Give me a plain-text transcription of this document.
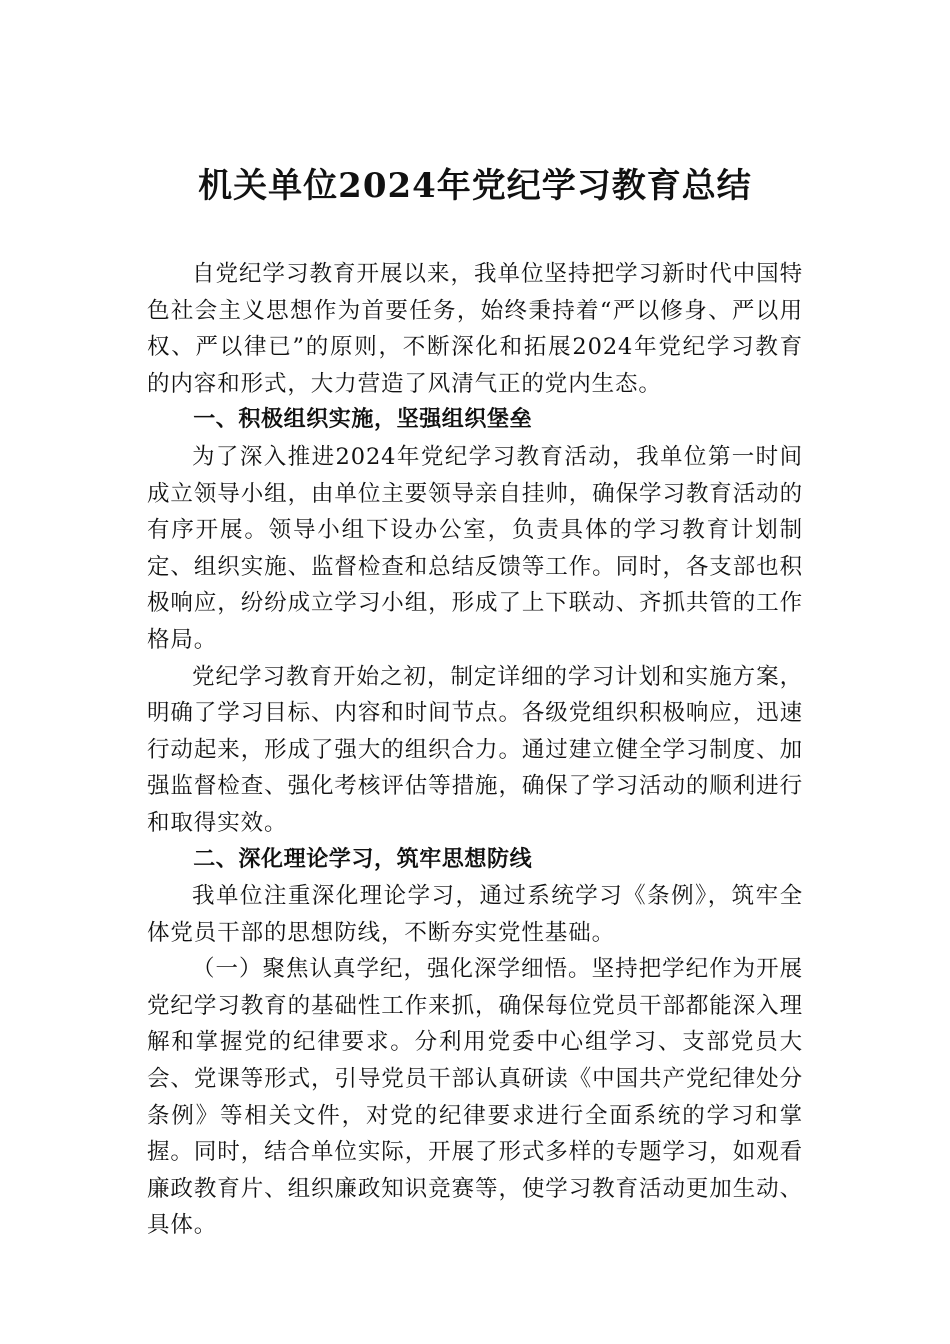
机关单位2024年党纪学习教育总结

自党纪学习教育开展以来，我单位坚持把学习新时代中国特色社会主义思想作为首要任务，始终秉持着“严以修身、严以用权、严以律已”的原则，不断深化和拓展2024年党纪学习教育的内容和形式，大力营造了风清气正的党内生态。

一、积极组织实施，坚强组织堡垒

为了深入推进2024年党纪学习教育活动，我单位第一时间成立领导小组，由单位主要领导亲自挂帅，确保学习教育活动的有序开展。领导小组下设办公室，负责具体的学习教育计划制定、组织实施、监督检查和总结反馈等工作。同时，各支部也积极响应，纷纷成立学习小组，形成了上下联动、齐抓共管的工作格局。

党纪学习教育开始之初，制定详细的学习计划和实施方案，明确了学习目标、内容和时间节点。各级党组织积极响应，迅速行动起来，形成了强大的组织合力。通过建立健全学习制度、加强监督检查、强化考核评估等措施，确保了学习活动的顺利进行和取得实效。

二、深化理论学习，筑牢思想防线

我单位注重深化理论学习，通过系统学习《条例》，筑牢全体党员干部的思想防线，不断夯实党性基础。

（一）聚焦认真学纪，强化深学细悟。坚持把学纪作为开展党纪学习教育的基础性工作来抓，确保每位党员干部都能深入理解和掌握党的纪律要求。分利用党委中心组学习、支部党员大会、党课等形式，引导党员干部认真研读《中国共产党纪律处分条例》等相关文件，对党的纪律要求进行全面系统的学习和掌握。同时，结合单位实际，开展了形式多样的专题学习，如观看廉政教育片、组织廉政知识竞赛等，使学习教育活动更加生动、具体。
